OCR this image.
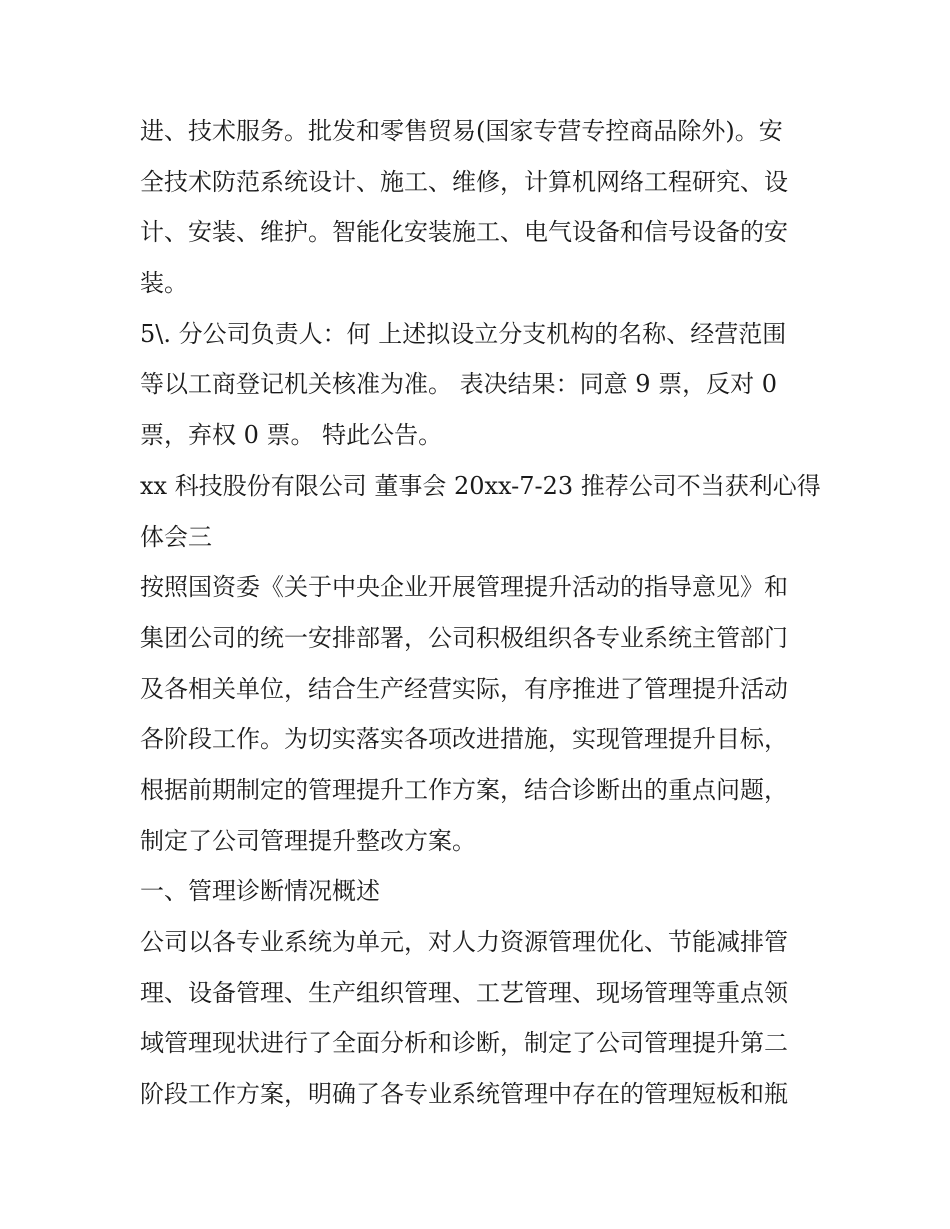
进、技术服务。批发和零售贸易(国家专营专控商品除外)。安
全技术防范系统设计、施工、维修，计算机网络工程研究、设
计、安装、维护。智能化安装施工、电气设备和信号设备的安
装。
5\. 分公司负责人：何 上述拟设立分支机构的名称、经营范围
等以工商登记机关核准为准。 表决结果：同意 9 票，反对 0
票，弃权 0 票。 特此公告。
xx 科技股份有限公司 董事会 20xx-7-23 推荐公司不当获利心得
体会三
按照国资委《关于中央企业开展管理提升活动的指导意见》和
集团公司的统一安排部署，公司积极组织各专业系统主管部门
及各相关单位，结合生产经营实际，有序推进了管理提升活动
各阶段工作。为切实落实各项改进措施，实现管理提升目标，
根据前期制定的管理提升工作方案，结合诊断出的重点问题，
制定了公司管理提升整改方案。
一、管理诊断情况概述
公司以各专业系统为单元，对人力资源管理优化、节能减排管
理、设备管理、生产组织管理、工艺管理、现场管理等重点领
域管理现状进行了全面分析和诊断，制定了公司管理提升第二
阶段工作方案，明确了各专业系统管理中存在的管理短板和瓶
